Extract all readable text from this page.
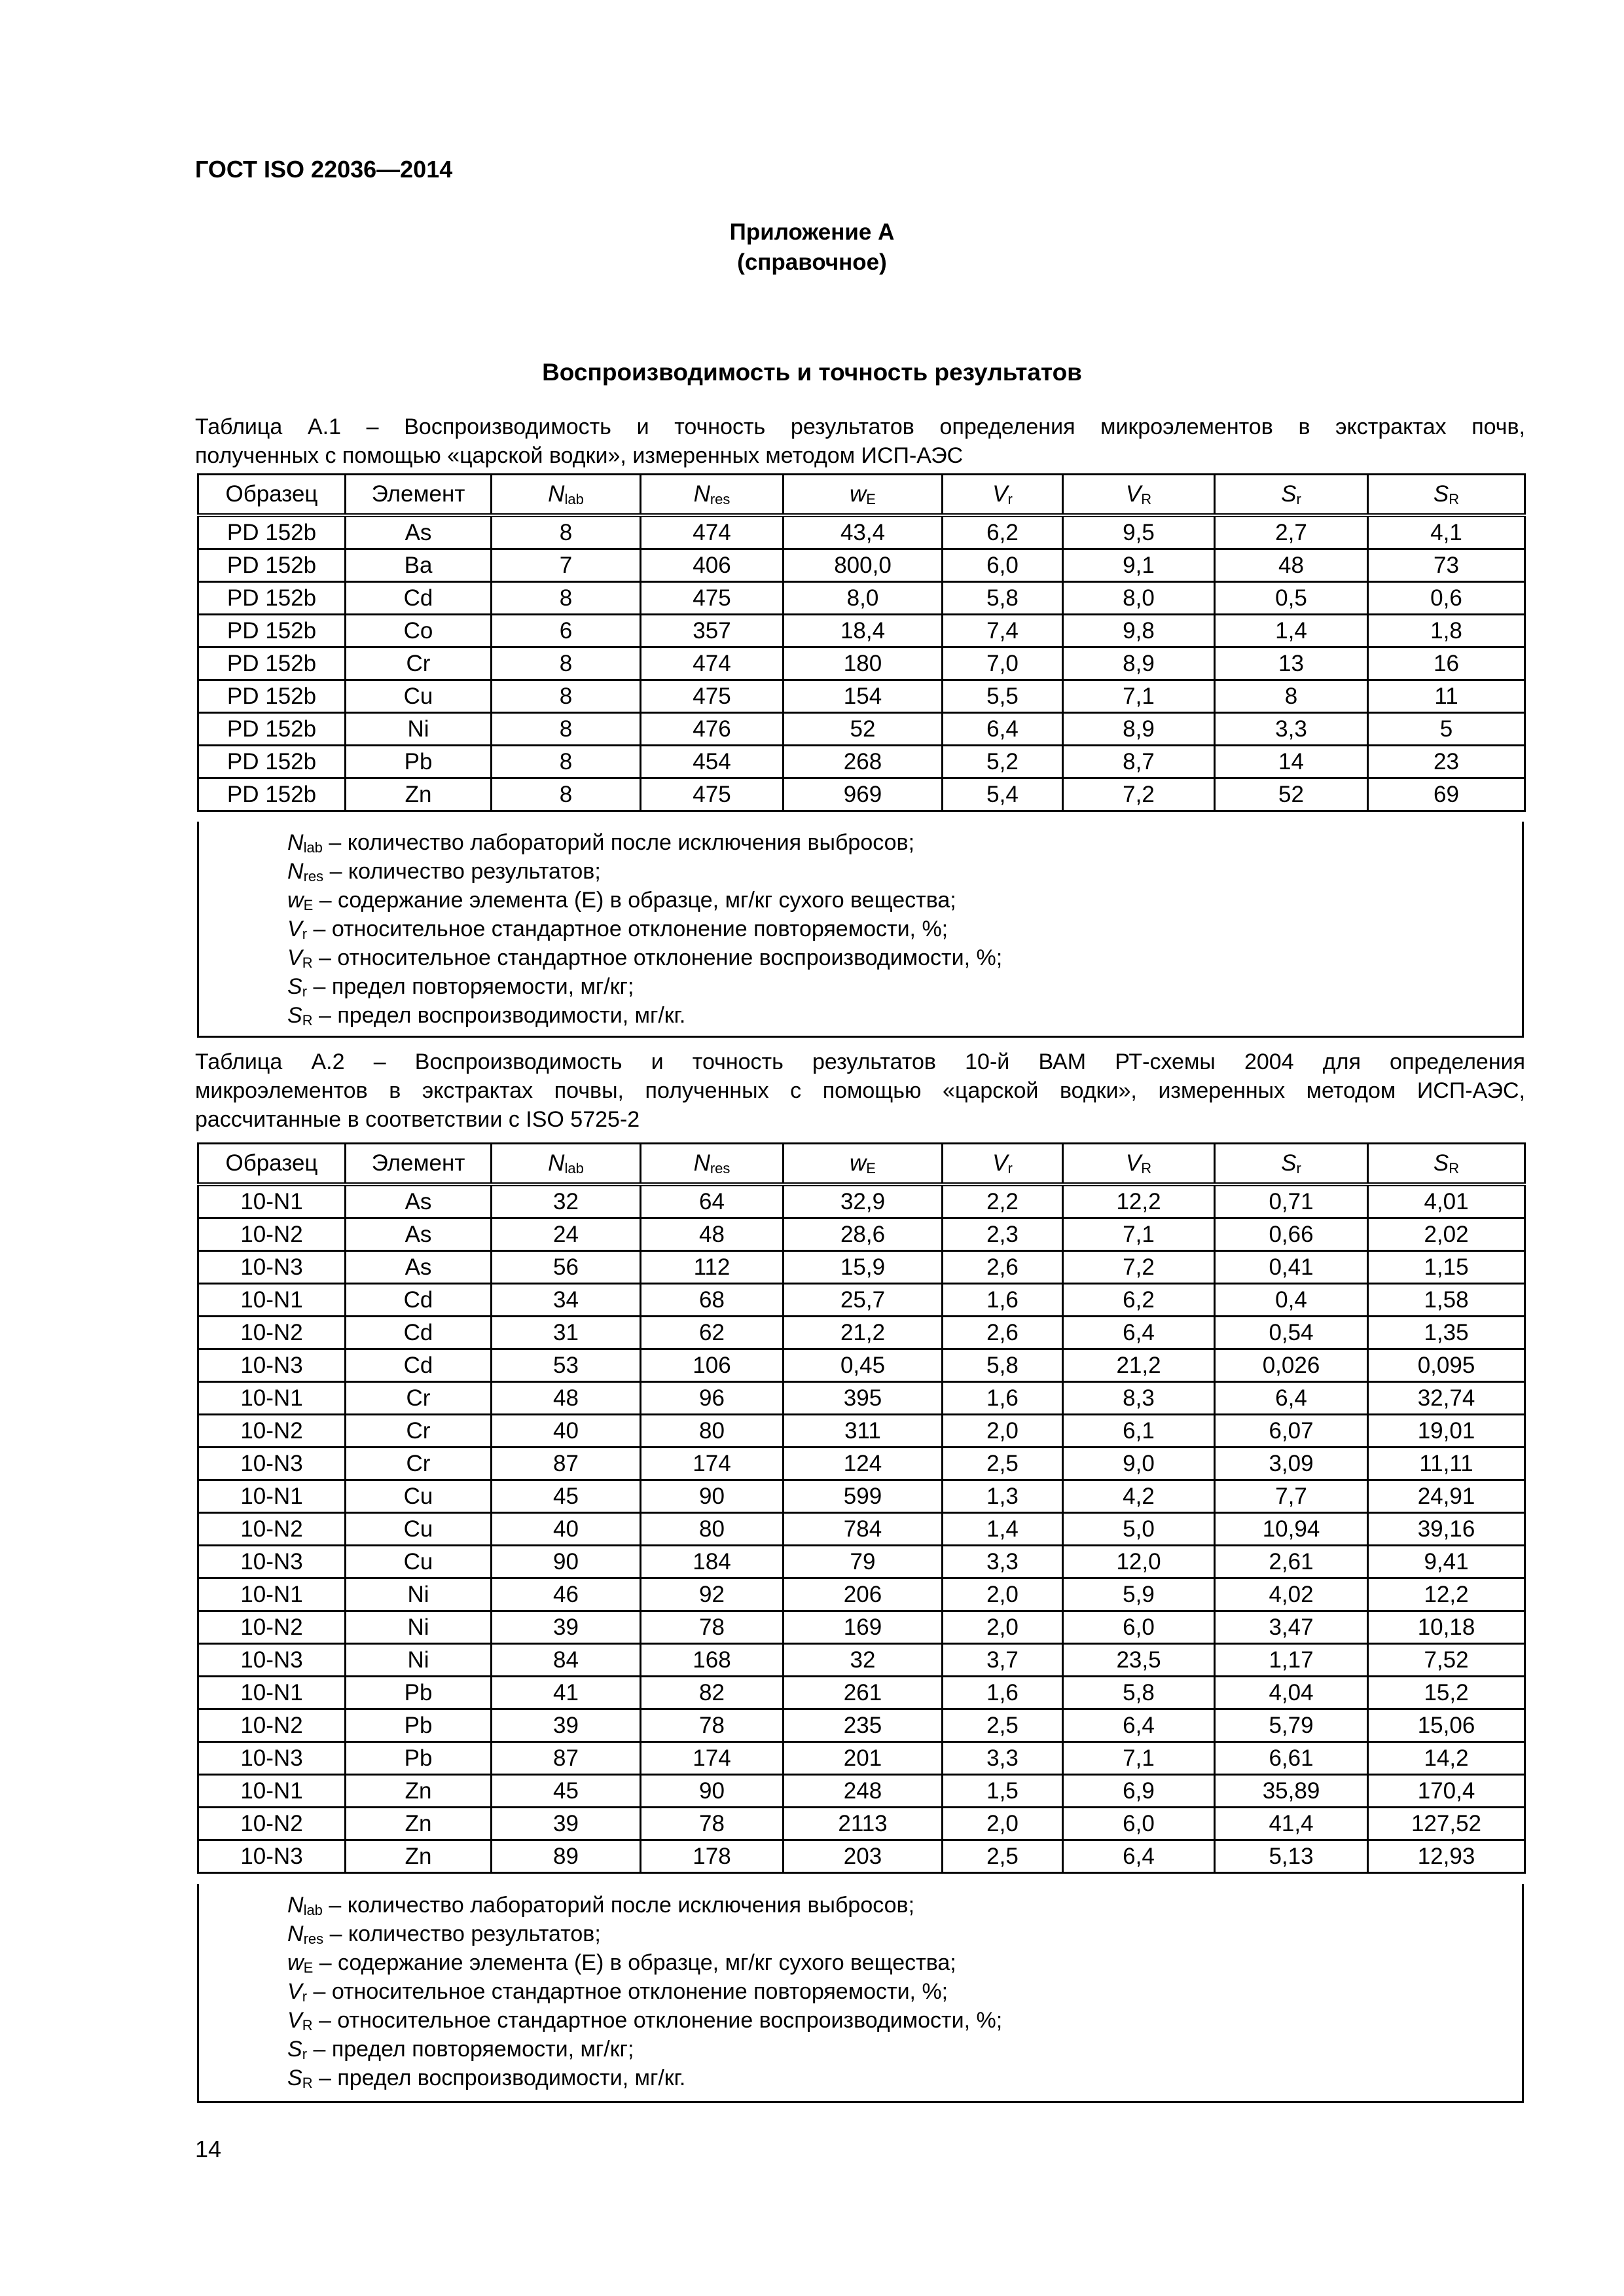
ГОСТ ISO 22036—2014
Приложение А
(справочное)
Воспроизводимость и точность результатов
Таблица А.1 – Воспроизводимость и точность результатов определения микроэлементов в экстрактах почв,
полученных с помощью «царской водки», измеренных методом ИСП-АЭС
Образец	Элемент	$N_{lab}$	$N_{res}$	$w_E$	$V_r$	$V_R$	$S_r$	$S_R$
PD 152b	As	8	474	43,4	6,2	9,5	2,7	4,1
PD 152b	Ba	7	406	800,0	6,0	9,1	48	73
PD 152b	Cd	8	475	8,0	5,8	8,0	0,5	0,6
PD 152b	Co	6	357	18,4	7,4	9,8	1,4	1,8
PD 152b	Cr	8	474	180	7,0	8,9	13	16
PD 152b	Cu	8	475	154	5,5	7,1	8	11
PD 152b	Ni	8	476	52	6,4	8,9	3,3	5
PD 152b	Pb	8	454	268	5,2	8,7	14	23
PD 152b	Zn	8	475	969	5,4	7,2	52	69
$N_{lab}$ – количество лабораторий после исключения выбросов;
$N_{res}$ – количество результатов;
$w_E$ – содержание элемента (Е) в образце, мг/кг сухого вещества;
$V_r$ – относительное стандартное отклонение повторяемости, %;
$V_R$ – относительное стандартное отклонение воспроизводимости, %;
$S_r$ – предел повторяемости, мг/кг;
$S_R$ – предел воспроизводимости, мг/кг.
Таблица А.2 – Воспроизводимость и точность результатов 10-й ВАМ РТ-схемы 2004 для определения
микроэлементов в экстрактах почвы, полученных с помощью «царской водки», измеренных методом ИСП-АЭС,
рассчитанные в соответствии с ISO 5725-2
Образец	Элемент	$N_{lab}$	$N_{res}$	$w_E$	$V_r$	$V_R$	$S_r$	$S_R$
10-N1	As	32	64	32,9	2,2	12,2	0,71	4,01
10-N2	As	24	48	28,6	2,3	7,1	0,66	2,02
10-N3	As	56	112	15,9	2,6	7,2	0,41	1,15
10-N1	Cd	34	68	25,7	1,6	6,2	0,4	1,58
10-N2	Cd	31	62	21,2	2,6	6,4	0,54	1,35
10-N3	Cd	53	106	0,45	5,8	21,2	0,026	0,095
10-N1	Cr	48	96	395	1,6	8,3	6,4	32,74
10-N2	Cr	40	80	311	2,0	6,1	6,07	19,01
10-N3	Cr	87	174	124	2,5	9,0	3,09	11,11
10-N1	Cu	45	90	599	1,3	4,2	7,7	24,91
10-N2	Cu	40	80	784	1,4	5,0	10,94	39,16
10-N3	Cu	90	184	79	3,3	12,0	2,61	9,41
10-N1	Ni	46	92	206	2,0	5,9	4,02	12,2
10-N2	Ni	39	78	169	2,0	6,0	3,47	10,18
10-N3	Ni	84	168	32	3,7	23,5	1,17	7,52
10-N1	Pb	41	82	261	1,6	5,8	4,04	15,2
10-N2	Pb	39	78	235	2,5	6,4	5,79	15,06
10-N3	Pb	87	174	201	3,3	7,1	6,61	14,2
10-N1	Zn	45	90	248	1,5	6,9	35,89	170,4
10-N2	Zn	39	78	2113	2,0	6,0	41,4	127,52
10-N3	Zn	89	178	203	2,5	6,4	5,13	12,93
$N_{lab}$ – количество лабораторий после исключения выбросов;
$N_{res}$ – количество результатов;
$w_E$ – содержание элемента (Е) в образце, мг/кг сухого вещества;
$V_r$ – относительное стандартное отклонение повторяемости, %;
$V_R$ – относительное стандартное отклонение воспроизводимости, %;
$S_r$ – предел повторяемости, мг/кг;
$S_R$ – предел воспроизводимости, мг/кг.
14
